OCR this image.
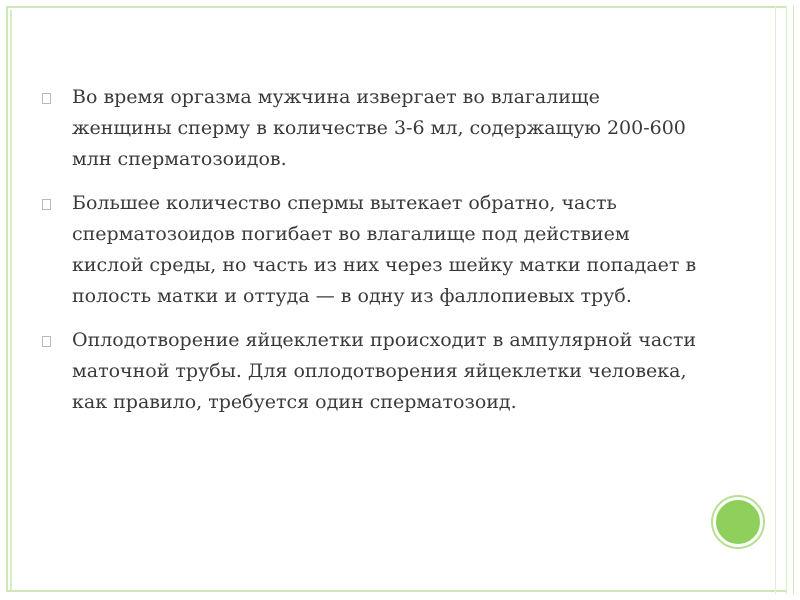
Во время оргазма мужчина извергает во влагалище женщины сперму в количестве 3-6 мл, содержащую 200-600 млн сперматозоидов.
Большее количество спермы вытекает обратно, часть сперматозоидов погибает во влагалище под действием кислой среды, но часть из них через шейку матки попадает в полость матки и оттуда — в одну из фаллопиевых труб.
Оплодотворение яйцеклетки происходит в ампулярной части маточной трубы. Для оплодотворения яйцеклетки человека, как правило, требуется один сперматозоид.
